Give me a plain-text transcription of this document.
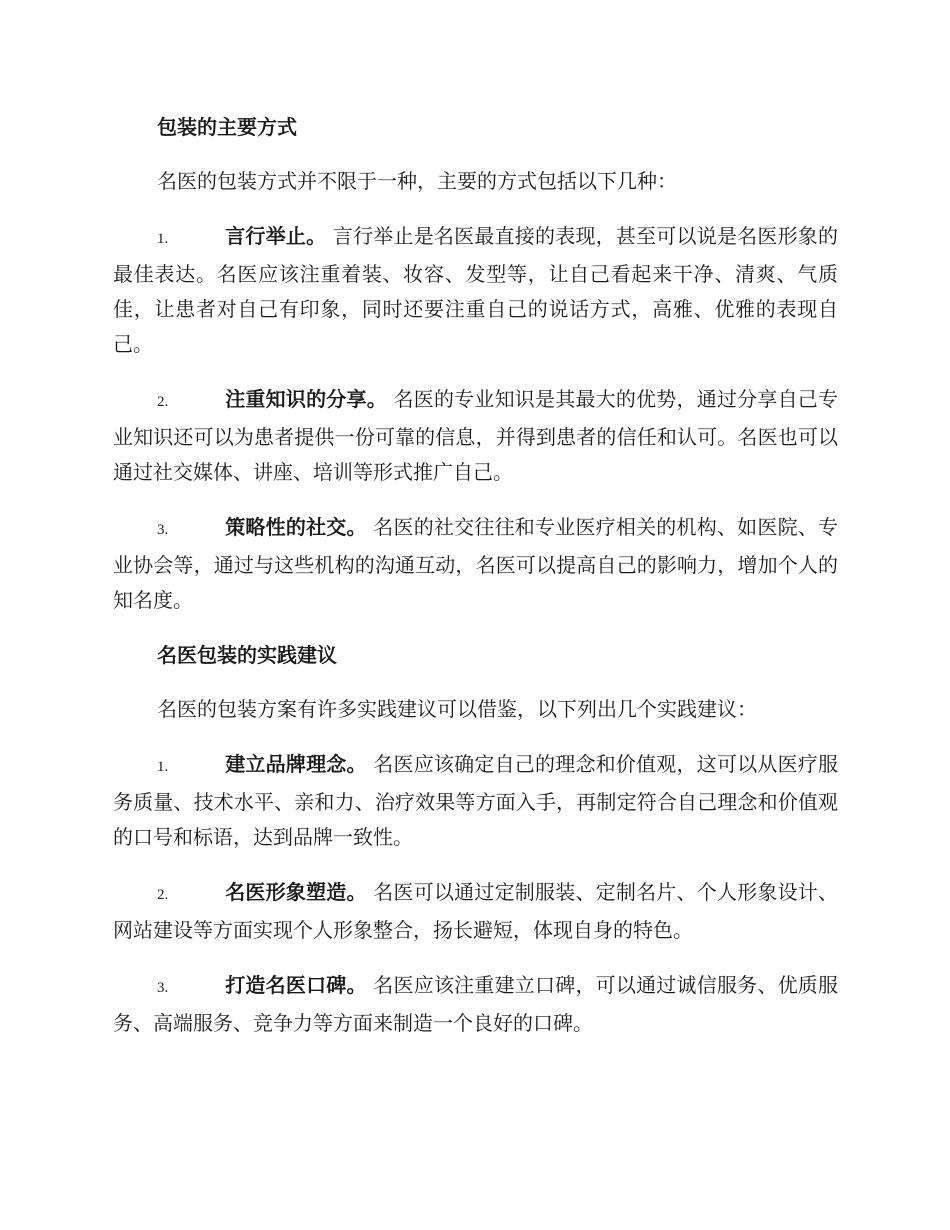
包装的主要方式
名医的包装方式并不限于一种，主要的方式包括以下几种：
1.	言行举止。 言行举止是名医最直接的表现，甚至可以说是名医形象的最佳表达。名医应该注重着装、妆容、发型等，让自己看起来干净、清爽、气质佳，让患者对自己有印象，同时还要注重自己的说话方式，高雅、优雅的表现自己。
2.	注重知识的分享。 名医的专业知识是其最大的优势，通过分享自己专业知识还可以为患者提供一份可靠的信息，并得到患者的信任和认可。名医也可以通过社交媒体、讲座、培训等形式推广自己。
3.	策略性的社交。 名医的社交往往和专业医疗相关的机构、如医院、专业协会等，通过与这些机构的沟通互动，名医可以提高自己的影响力，增加个人的知名度。
名医包装的实践建议
名医的包装方案有许多实践建议可以借鉴，以下列出几个实践建议：
1.	建立品牌理念。 名医应该确定自己的理念和价值观，这可以从医疗服务质量、技术水平、亲和力、治疗效果等方面入手，再制定符合自己理念和价值观的口号和标语，达到品牌一致性。
2.	名医形象塑造。 名医可以通过定制服装、定制名片、个人形象设计、网站建设等方面实现个人形象整合，扬长避短，体现自身的特色。
3.	打造名医口碑。 名医应该注重建立口碑，可以通过诚信服务、优质服务、高端服务、竞争力等方面来制造一个良好的口碑。
